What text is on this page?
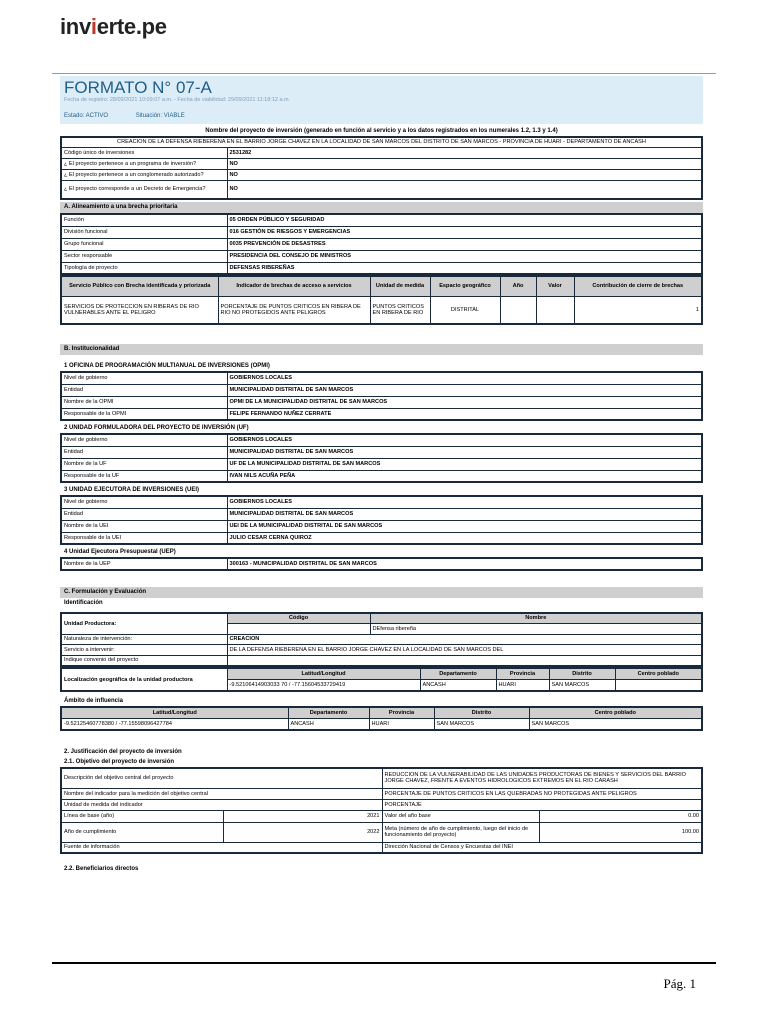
invierte.pe
FORMATO N° 07-A
Fecha de registro: 28/09/2021 10:09:07 a.m. - Fecha de viabilidad: 29/09/2021 11:18:12 a.m.
Estado: ACTIVO	Situación: VIABLE
Nombre del proyecto de inversión (generado en función al servicio y a los datos registrados en los numerales 1.2, 1.3 y 1.4)
CREACION DE LA DEFENSA RIEBERENA EN EL BARRIO JORGE CHAVEZ EN LA LOCALIDAD DE SAN MARCOS DEL DISTRITO DE SAN MARCOS - PROVINCIA DE HUARI - DEPARTAMENTO DE ANCASH	
Código único de inversiones	2531282
¿ El proyecto pertenece a un programa de inversión?	NO
¿ El proyecto pertenece a un conglomerado autorizado?	NO
¿ El proyecto corresponde a un Decreto de Emergencia?	NO
A. Alineamiento a una brecha prioritaria
Función	05 ORDEN PÚBLICO Y SEGURIDAD
División funcional	016 GESTIÓN DE RIESGOS Y EMERGENCIAS
Grupo funcional	0035 PREVENCIÓN DE DESASTRES
Sector responsable	PRESIDENCIA DEL CONSEJO DE MINISTROS
Tipología de proyecto	DEFENSAS RIBEREÑAS
Servicio Público con Brecha identificada y priorizada	Indicador de brechas de acceso a servicios	Unidad de medida	Espacio geográfico	Año	Valor	Contribución de cierre de brechas
SERVICIOS DE PROTECCION EN RIBERAS DE RIO VULNERABLES ANTE EL PELIGRO	PORCENTAJE DE PUNTOS CRITICOS EN RIBERA DE RIO NO PROTEGIDOS ANTE PELIGROS	PUNTOS CRITICOS EN RIBERA DE RIO	DISTRITAL			1
B. Institucionalidad
1 OFICINA DE PROGRAMACIÓN MULTIANUAL DE INVERSIONES (OPMI)
Nivel de gobierno	GOBIERNOS LOCALES
Entidad	MUNICIPALIDAD DISTRITAL DE SAN MARCOS
Nombre de la OPMI	OPMI DE LA MUNICIPALIDAD DISTRITAL DE SAN MARCOS
Responsable de la OPMI	FELIPE FERNANDO NUÑEZ CERRATE
2 UNIDAD FORMULADORA DEL PROYECTO DE INVERSIÓN (UF)
Nivel de gobierno	GOBIERNOS LOCALES
Entidad	MUNICIPALIDAD DISTRITAL DE SAN MARCOS
Nombre de la UF	UF DE LA MUNICIPALIDAD DISTRITAL DE SAN MARCOS
Responsable de la UF	IVAN NILS ACUÑA PEÑA
3 UNIDAD EJECUTORA DE INVERSIONES (UEI)
Nivel de gobierno	GOBIERNOS LOCALES
Entidad	MUNICIPALIDAD DISTRITAL DE SAN MARCOS
Nombre de la UEI	UEI DE LA MUNICIPALIDAD DISTRITAL DE SAN MARCOS
Responsable de la UEI	JULIO CESAR CERNA QUIROZ
4 Unidad Ejecutora Presupuestal (UEP)
Nombre de la UEP	300163 - MUNICIPALIDAD DISTRITAL DE SAN MARCOS
C. Formulación y Evaluación
Identificación
Unidad Productora:	Código	Nombre
		DEfensa ribereña
Naturaleza de intervención:	CREACION	
Servicio a intervenir:	DE LA DEFENSA RIEBERENA EN EL BARRIO JORGE CHAVEZ EN LA LOCALIDAD DE SAN MARCOS DEL	
Indique convenio del proyecto		
Localización geográfica de la unidad productora	Latitud/Longitud	Departamento	Provincia	Distrito	Centro poblado
	-9.52106414903033 70 / -77.15604533729419	ANCASH	HUARI	SAN MARCOS	
Ámbito de influencia
Latitud/Longitud	Departamento	Provincia	Distrito	Centro poblado
-9.52125460778380 / -77.15598096427784	ANCASH	HUARI	SAN MARCOS	SAN MARCOS
2. Justificación del proyecto de inversión
2.1. Objetivo del proyecto de inversión
Descripción del objetivo central del proyecto		REDUCCION DE LA VULNERABILIDAD DE LAS UNIDADES PRODUCTORAS DE BIENES Y SERVICIOS DEL BARRIO JORGE CHAVEZ, FRENTE A EVENTOS HIDROLOGICOS EXTREMOS EN EL RIO CARASH	
Nombre del indicador para la medición del objetivo central		PORCENTAJE DE PUNTOS CRITICOS EN LAS QUEBRADAS NO PROTEGIDAS ANTE PELIGROS	
Unidad de medida del indicador		PORCENTAJE	
Línea de base (año)	2021	Valor del año base	0.00
Año de cumplimiento	2022	Meta (número de año de cumplimiento, luego del inicio de funcionamiento del proyecto)	100.00
Fuente de información		Dirección Nacional de Censos y Encuestas del INEI	
2.2. Beneficiarios directos
Pág. 1
